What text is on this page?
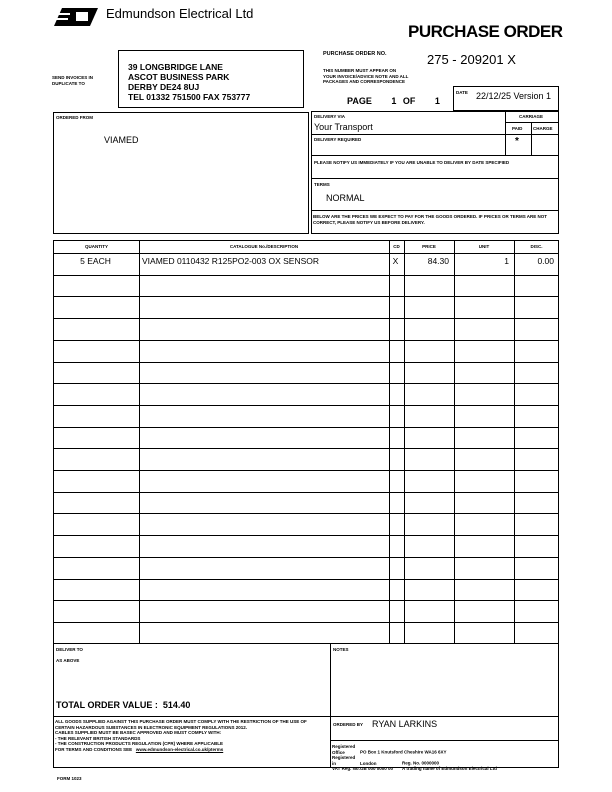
Edmundson Electrical Ltd
PURCHASE ORDER
SEND INVOICES IN DUPLICATE TO
39 LONGBRIDGE LANE
ASCOT BUSINESS PARK
DERBY DE24 8UJ
TEL 01332 751500 FAX 753777
PURCHASE ORDER NO.	275 - 209201 X
THIS NUMBER MUST APPEAR ON
YOUR INVOICE/ADVICE NOTE AND ALL
PACKAGES AND CORRESPONDENCE
PAGE 1 OF 1
DATE 22/12/25 Version 1
ORDERED FROM
VIAMED
DELIVERY VIA
Your Transport
CARRIAGE
PAID CHARGE
DELIVERY REQUIRED	*
PLEASE NOTIFY US IMMEDIATELY IF YOU ARE UNABLE TO DELIVER BY DATE SPECIFIED
TERMS
NORMAL
BELOW ARE THE PRICES WE EXPECT TO PAY FOR THE GOODS ORDERED. IF PRICES OR TERMS ARE NOT CORRECT, PLEASE NOTIFY US BEFORE DELIVERY.
QUANTITY	CATALOGUE No./DESCRIPTION	CD	PRICE	UNIT	DISC.
5 EACH	VIAMED 0110432 R125PO2-003 OX SENSOR	X	84.30	1	0.00
DELIVER TO
AS ABOVE
TOTAL ORDER VALUE : 514.40
NOTES
ALL GOODS SUPPLIED AGAINST THIS PURCHASE ORDER MUST COMPLY WITH THE RESTRICTION OF THE USE OF CERTAIN HAZARDOUS SUBSTANCES IN ELECTRONIC EQUIPMENT REGULATIONS 2012.
CABLES SUPPLIED MUST BE BASEC APPROVED AND MUST COMPLY WITH:
- THE RELEVANT BRITISH STANDARDS
- THE CONSTRUCTION PRODUCTS REGULATION (CPR) WHERE APPLICABLE
FOR TERMS AND CONDITIONS SEE www.edmundson-electrical.co.uk/pterms
ORDERED BY RYAN LARKINS
Registered Office	PO Box 1 Knutsford Cheshire WA16 6XY
Registered in	London	Reg. No. 0000000
VAT Reg. No.GB 000 0000 00 A trading name of Edmundson Electrical Ltd
FORM 1023
